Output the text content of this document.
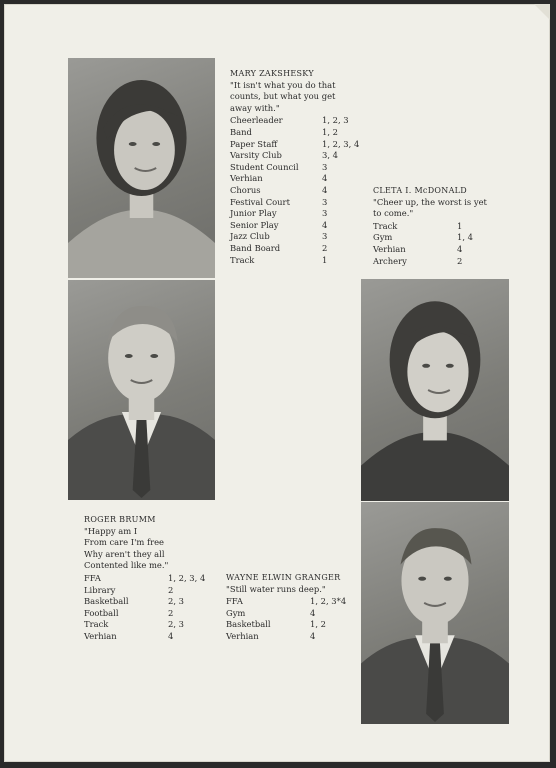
MARY ZAKSHESKY
"It isn't what you do that
counts, but what you get
away with."
Cheerleader	1, 2, 3
Band	1, 2
Paper Staff	1, 2, 3, 4
Varsity Club	3, 4
Student Council	3
Verhian	4
Chorus	4
Festival Court	3
Junior Play	3
Senior Play	4
Jazz Club	3
Band Board	2
Track	1
CLETA I. McDONALD
"Cheer up, the worst is yet
to come."
Track	1
Gym	1, 4
Verhian	4
Archery	2
ROGER BRUMM
"Happy am I
From care I'm free
Why aren't they all
Contented like me."
FFA	1, 2, 3, 4
Library	2
Basketball	2, 3
Football	2
Track	2, 3
Verhian	4
WAYNE ELWIN GRANGER
"Still water runs deep."
FFA	1, 2, 3*4
Gym	4
Basketball	1, 2
Verhian	4
